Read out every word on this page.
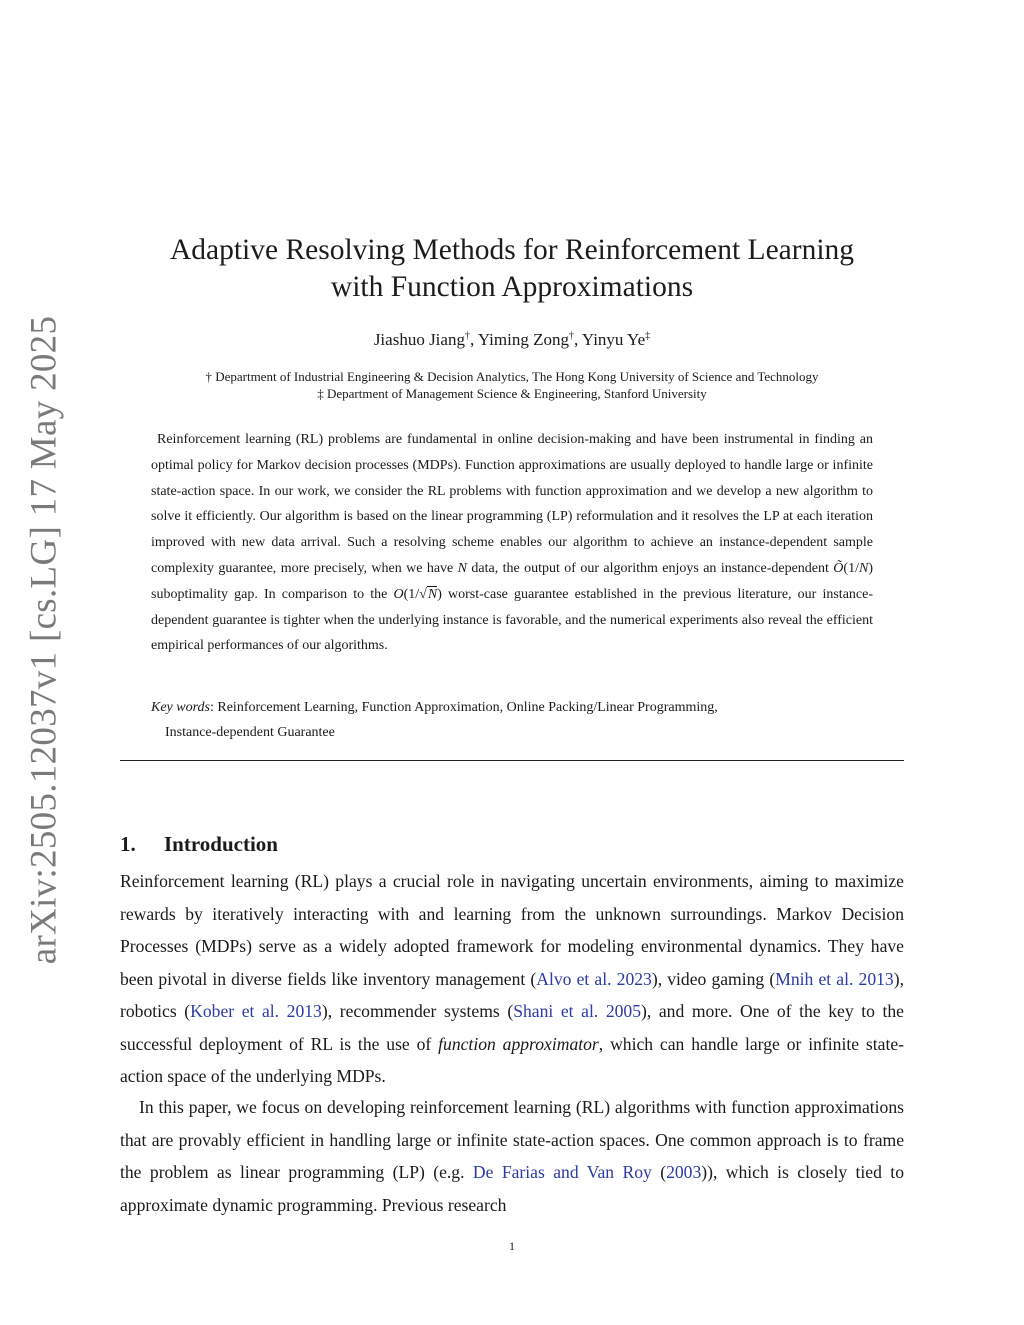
arXiv:2505.12037v1 [cs.LG] 17 May 2025
Adaptive Resolving Methods for Reinforcement Learning
with Function Approximations
Jiashuo Jiang†, Yiming Zong†, Yinyu Ye‡
† Department of Industrial Engineering & Decision Analytics, The Hong Kong University of Science and Technology
‡ Department of Management Science & Engineering, Stanford University
Reinforcement learning (RL) problems are fundamental in online decision-making and have been instrumental in finding an optimal policy for Markov decision processes (MDPs). Function approximations are usually deployed to handle large or infinite state-action space. In our work, we consider the RL problems with function approximation and we develop a new algorithm to solve it efficiently. Our algorithm is based on the linear programming (LP) reformulation and it resolves the LP at each iteration improved with new data arrival. Such a resolving scheme enables our algorithm to achieve an instance-dependent sample complexity guarantee, more precisely, when we have N data, the output of our algorithm enjoys an instance-dependent Õ(1/N) suboptimality gap. In comparison to the O(1/√N) worst-case guarantee established in the previous literature, our instance-dependent guarantee is tighter when the underlying instance is favorable, and the numerical experiments also reveal the efficient empirical performances of our algorithms.
Key words: Reinforcement Learning, Function Approximation, Online Packing/Linear Programming,
Instance-dependent Guarantee
1. Introduction

Reinforcement learning (RL) plays a crucial role in navigating uncertain environments, aiming to maximize rewards by iteratively interacting with and learning from the unknown surroundings. Markov Decision Processes (MDPs) serve as a widely adopted framework for modeling environmental dynamics. They have been pivotal in diverse fields like inventory management (Alvo et al. 2023), video gaming (Mnih et al. 2013), robotics (Kober et al. 2013), recommender systems (Shani et al. 2005), and more. One of the key to the successful deployment of RL is the use of function approximator, which can handle large or infinite state-action space of the underlying MDPs.

In this paper, we focus on developing reinforcement learning (RL) algorithms with function approximations that are provably efficient in handling large or infinite state-action spaces. One common approach is to frame the problem as linear programming (LP) (e.g. De Farias and Van Roy (2003)), which is closely tied to approximate dynamic programming. Previous research

1
